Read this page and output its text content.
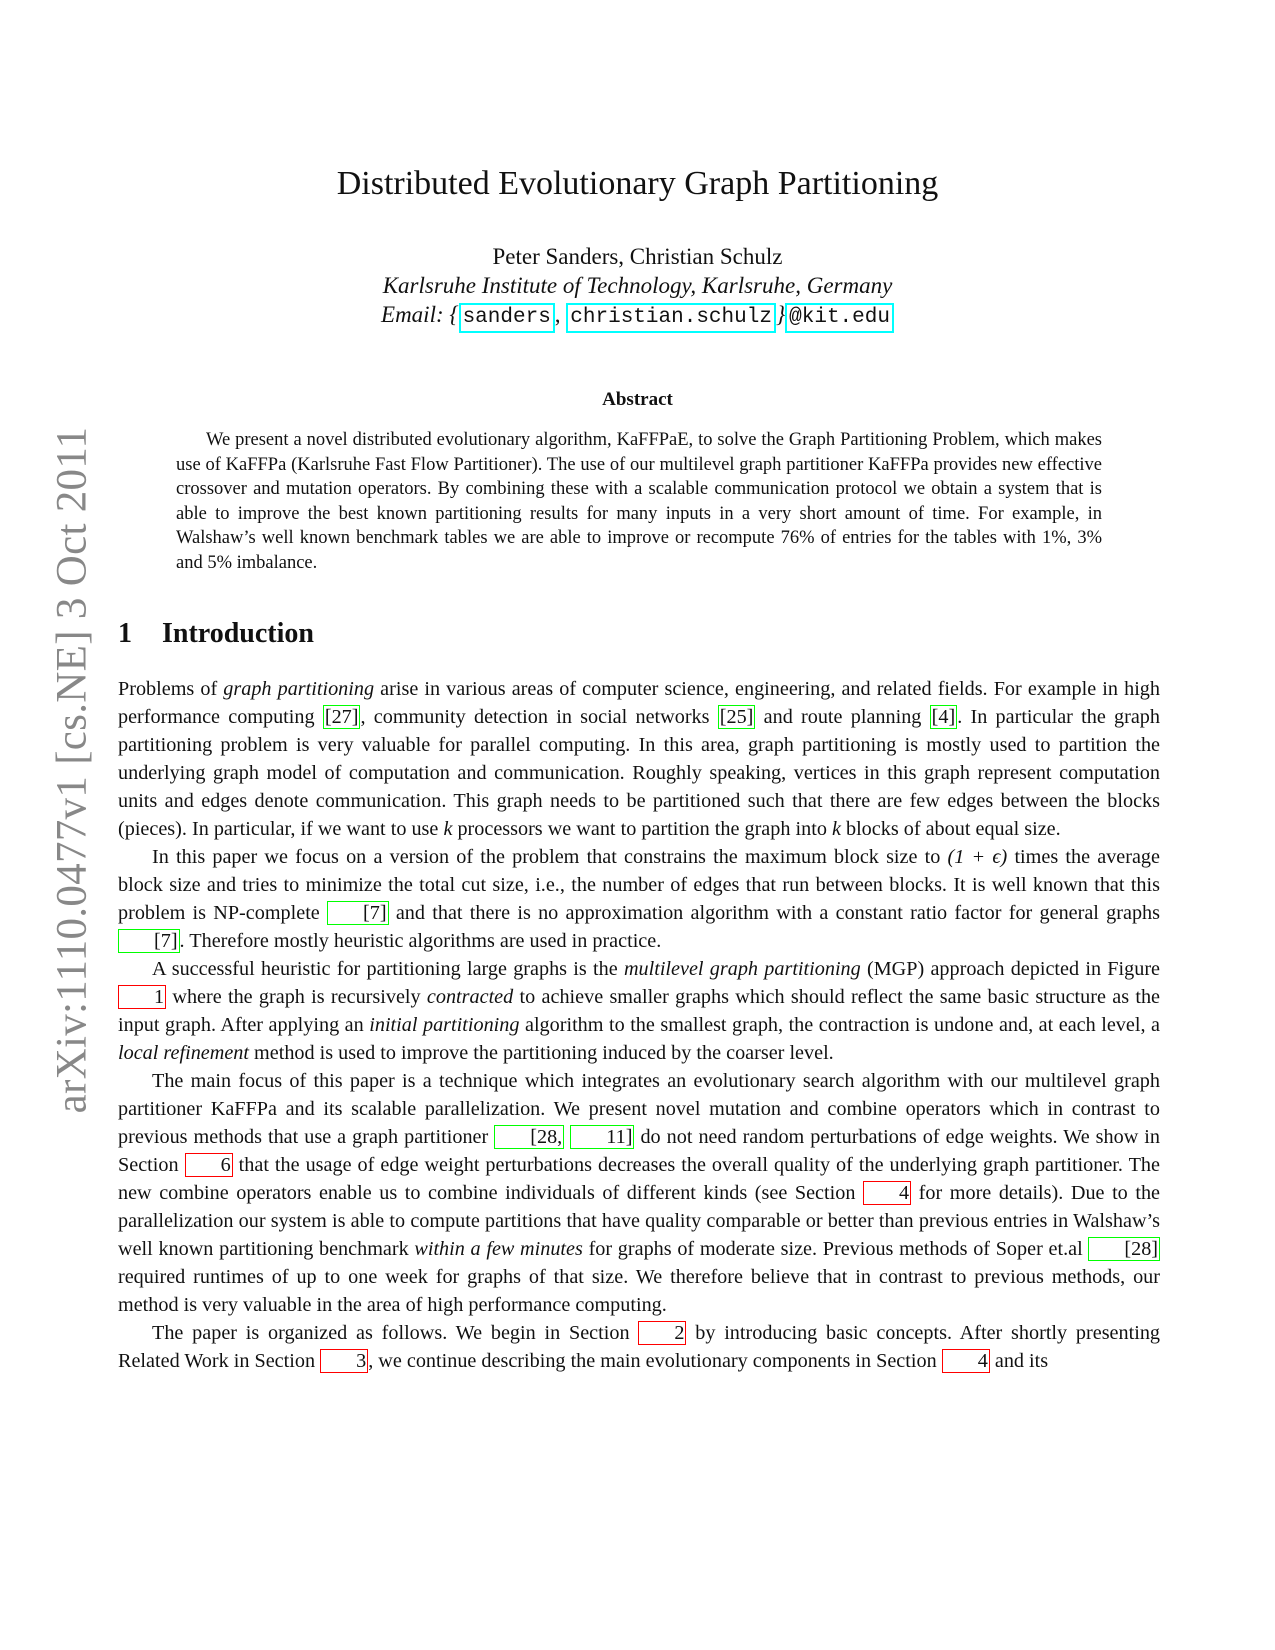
arXiv:1110.0477v1 [cs.NE] 3 Oct 2011
Distributed Evolutionary Graph Partitioning
Peter Sanders, Christian Schulz
Karlsruhe Institute of Technology, Karlsruhe, Germany
Email: { sanders , christian.schulz } @kit.edu
Abstract

We present a novel distributed evolutionary algorithm, KaFFPaE, to solve the Graph Partitioning Problem, which makes use of KaFFPa (Karlsruhe Fast Flow Partitioner). The use of our multilevel graph partitioner KaFFPa provides new effective crossover and mutation operators. By combining these with a scalable communication protocol we obtain a system that is able to improve the best known partitioning results for many inputs in a very short amount of time. For example, in Walshaw’s well known benchmark tables we are able to improve or recompute 76% of entries for the tables with 1%, 3% and 5% imbalance.

1 Introduction

Problems of graph partitioning arise in various areas of computer science, engineering, and related fields. For example in high performance computing [27], community detection in social networks [25] and route planning [4]. In particular the graph partitioning problem is very valuable for parallel computing. In this area, graph partitioning is mostly used to partition the underlying graph model of computation and communication. Roughly speaking, vertices in this graph represent computation units and edges denote communication. This graph needs to be partitioned such that there are few edges between the blocks (pieces). In particular, if we want to use k processors we want to partition the graph into k blocks of about equal size.

In this paper we focus on a version of the problem that constrains the maximum block size to (1 + ϵ) times the average block size and tries to minimize the total cut size, i.e., the number of edges that run between blocks. It is well known that this problem is NP-complete [7] and that there is no approximation algorithm with a constant ratio factor for general graphs [7]. Therefore mostly heuristic algorithms are used in practice.

A successful heuristic for partitioning large graphs is the multilevel graph partitioning (MGP) approach depicted in Figure 1 where the graph is recursively contracted to achieve smaller graphs which should reflect the same basic structure as the input graph. After applying an initial partitioning algorithm to the smallest graph, the contraction is undone and, at each level, a local refinement method is used to improve the partitioning induced by the coarser level.

The main focus of this paper is a technique which integrates an evolutionary search algorithm with our multilevel graph partitioner KaFFPa and its scalable parallelization. We present novel mutation and combine operators which in contrast to previous methods that use a graph partitioner [28, 11] do not need random perturbations of edge weights. We show in Section 6 that the usage of edge weight perturbations decreases the overall quality of the underlying graph partitioner. The new combine operators enable us to combine individuals of different kinds (see Section 4 for more details). Due to the parallelization our system is able to compute partitions that have quality comparable or better than previous entries in Walshaw’s well known partitioning benchmark within a few minutes for graphs of moderate size. Previous methods of Soper et.al [28] required runtimes of up to one week for graphs of that size. We therefore believe that in contrast to previous methods, our method is very valuable in the area of high performance computing.

The paper is organized as follows. We begin in Section 2 by introducing basic concepts. After shortly presenting Related Work in Section 3, we continue describing the main evolutionary components in Section 4 and its
